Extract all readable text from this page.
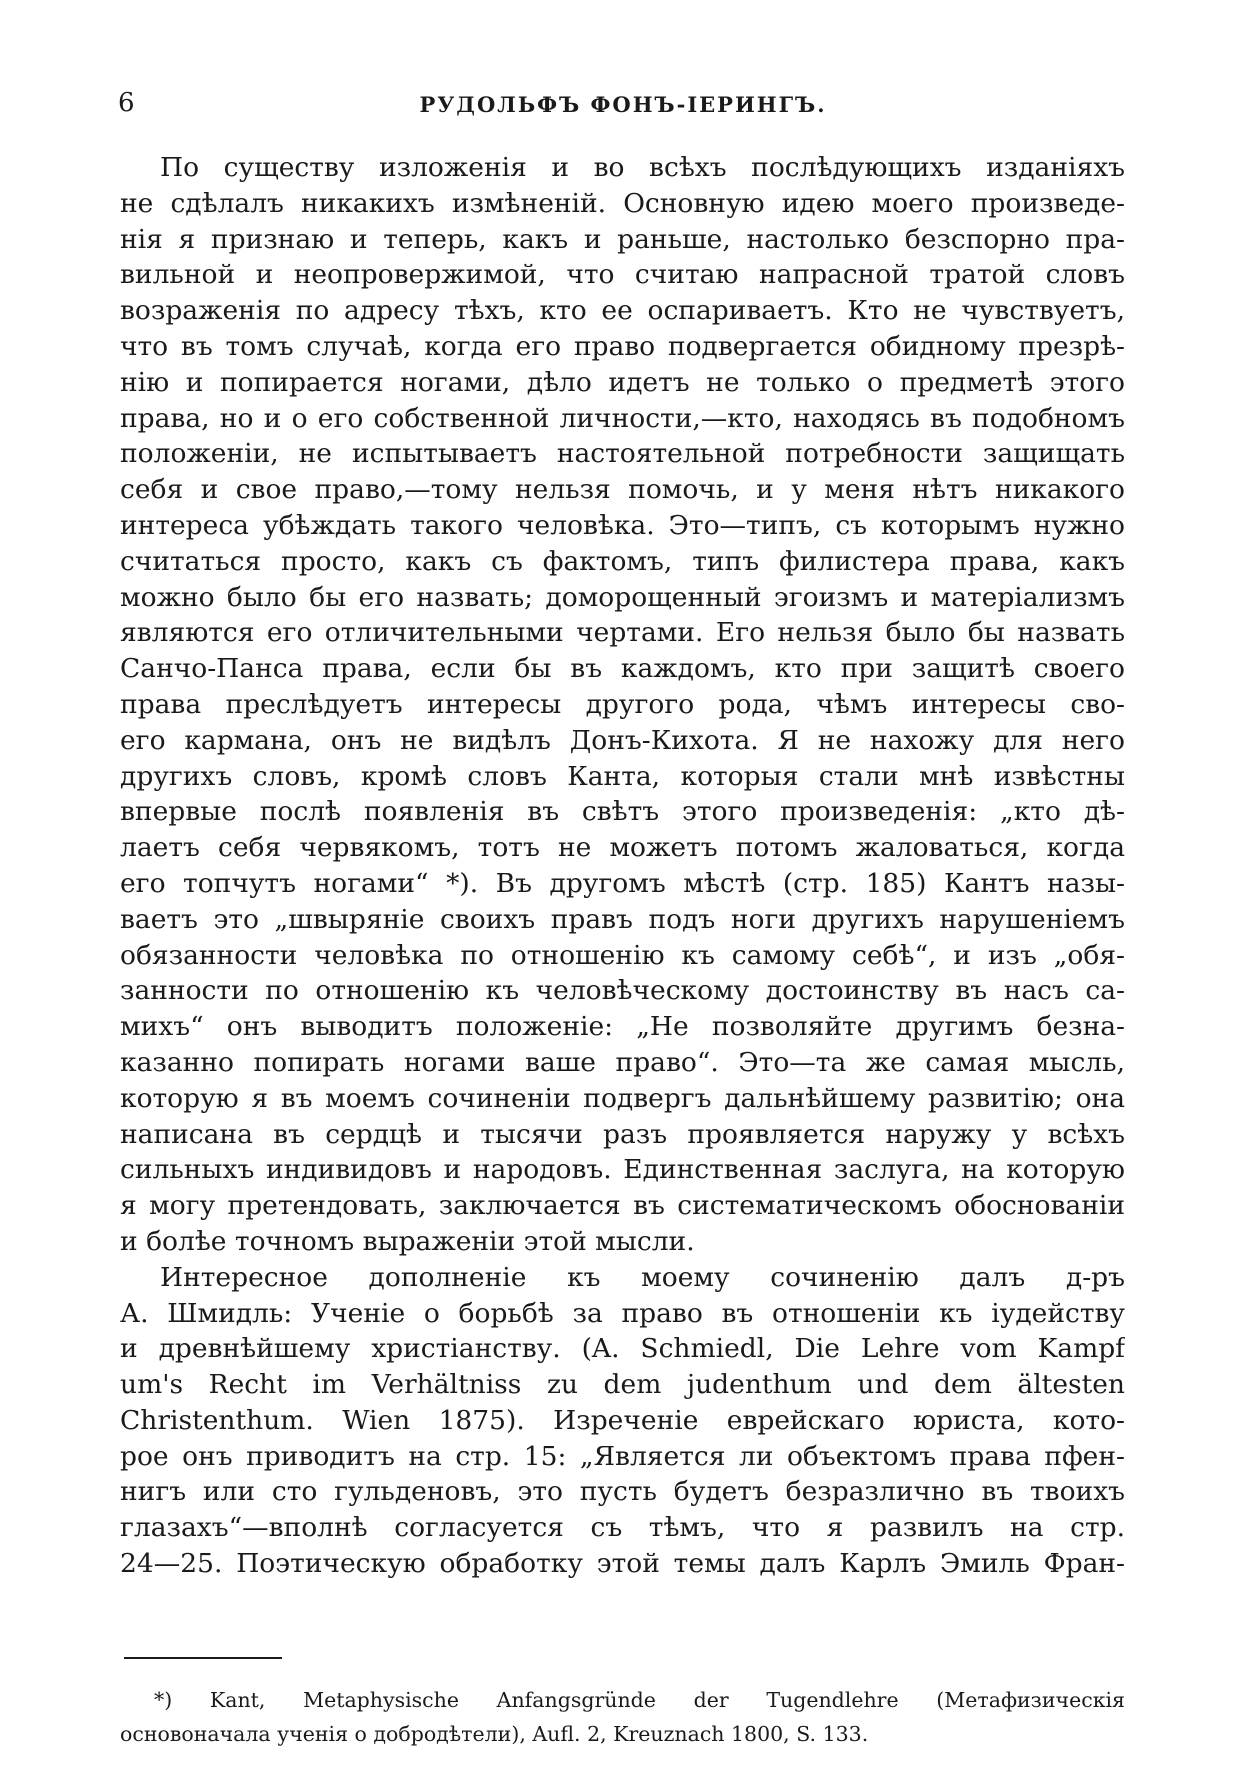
6	РУДОЛЬФЪ ФОНЪ-ІЕРИНГЪ.
По существу изложенія и во всѣхъ послѣдующихъ изданіяхъ
не сдѣлалъ никакихъ измѣненій. Основную идею моего произведе-
нія я признаю и теперь, какъ и раньше, настолько безспорно пра-
вильной и неопровержимой, что считаю напрасной тратой словъ
возраженія по адресу тѣхъ, кто ее оспариваетъ. Кто не чувствуетъ,
что въ томъ случаѣ, когда его право подвергается обидному презрѣ-
нію и попирается ногами, дѣло идетъ не только о предметѣ этого
права, но и о его собственной личности,—кто, находясь въ подобномъ
положеніи, не испытываетъ настоятельной потребности защищать
себя и свое право,—тому нельзя помочь, и у меня нѣтъ никакого
интереса убѣждать такого человѣка. Это—типъ, съ которымъ нужно
считаться просто, какъ съ фактомъ, типъ филистера права, какъ
можно было бы его назвать; доморощенный эгоизмъ и матеріализмъ
являются его отличительными чертами. Его нельзя было бы назвать
Санчо-Панса права, если бы въ каждомъ, кто при защитѣ своего
права преслѣдуетъ интересы другого рода, чѣмъ интересы сво-
его кармана, онъ не видѣлъ Донъ-Кихота. Я не нахожу для него
другихъ словъ, кромѣ словъ Канта, которыя стали мнѣ извѣстны
впервые послѣ появленія въ свѣтъ этого произведенія: „кто дѣ-
лаетъ себя червякомъ, тотъ не можетъ потомъ жаловаться, когда
его топчутъ ногами“ *). Въ другомъ мѣстѣ (стр. 185) Кантъ назы-
ваетъ это „швыряніе своихъ правъ подъ ноги другихъ нарушеніемъ
обязанности человѣка по отношенію къ самому себѣ“, и изъ „обя-
занности по отношенію къ человѣческому достоинству въ насъ са-
михъ“ онъ выводитъ положеніе: „Не позволяйте другимъ безна-
казанно попирать ногами ваше право“. Это—та же самая мысль,
которую я въ моемъ сочиненіи подвергъ дальнѣйшему развитію; она
написана въ сердцѣ и тысячи разъ проявляется наружу у всѣхъ
сильныхъ индивидовъ и народовъ. Единственная заслуга, на которую
я могу претендовать, заключается въ систематическомъ обоснованіи
и болѣе точномъ выраженіи этой мысли.
Интересное дополненіе къ моему сочиненію далъ д-ръ
А. Шмидль: Ученіе о борьбѣ за право въ отношеніи къ іудейству
и древнѣйшему христіанству. (A. Schmiedl, Die Lehre vom Kampf
um's Recht im Verhältniss zu dem judenthum und dem ältesten
Christenthum. Wien 1875). Изреченіе еврейскаго юриста, кото-
рое онъ приводитъ на стр. 15: „Является ли объектомъ права пфен-
нигъ или сто гульденовъ, это пусть будетъ безразлично въ твоихъ
глазахъ“—вполнѣ согласуется съ тѣмъ, что я развилъ на стр.
24—25. Поэтическую обработку этой темы далъ Карлъ Эмиль Фран-
*) Kant, Metaphysische Anfangsgründe der Tugendlehre (Метафизическія
основоначала ученія о добродѣтели), Aufl. 2, Kreuznach 1800, S. 133.
